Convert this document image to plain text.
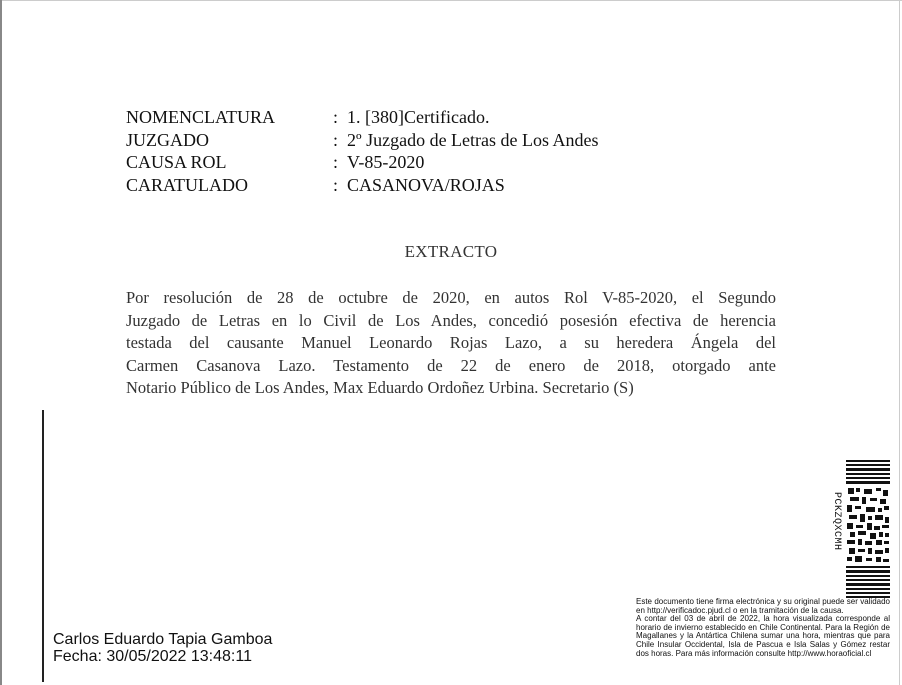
NOMENCLATURA	: 1. [380]Certificado.
JUZGADO	: 2º Juzgado de Letras de Los Andes
CAUSA ROL	: V-85-2020
CARATULADO	: CASANOVA/ROJAS
EXTRACTO
Por resolución de 28 de octubre de 2020, en autos Rol V-85-2020, el Segundo
Juzgado de Letras en lo Civil de Los Andes, concedió posesión efectiva de herencia
testada del causante Manuel Leonardo Rojas Lazo, a su heredera Ángela del
Carmen Casanova Lazo. Testamento de 22 de enero de 2018, otorgado ante
Notario Público de Los Andes, Max Eduardo Ordoñez Urbina. Secretario (S)
Carlos Eduardo Tapia Gamboa
Fecha: 30/05/2022 13:48:11
PCKZQXCMH

Este documento tiene firma electrónica y su original puede ser validado en http://verificadoc.pjud.cl o en la tramitación de la causa.

A contar del 03 de abril de 2022, la hora visualizada corresponde al horario de invierno establecido en Chile Continental. Para la Región de Magallanes y la Antártica Chilena sumar una hora, mientras que para Chile Insular Occidental, Isla de Pascua e Isla Salas y Gómez restar dos horas. Para más información consulte http://www.horaoficial.cl
